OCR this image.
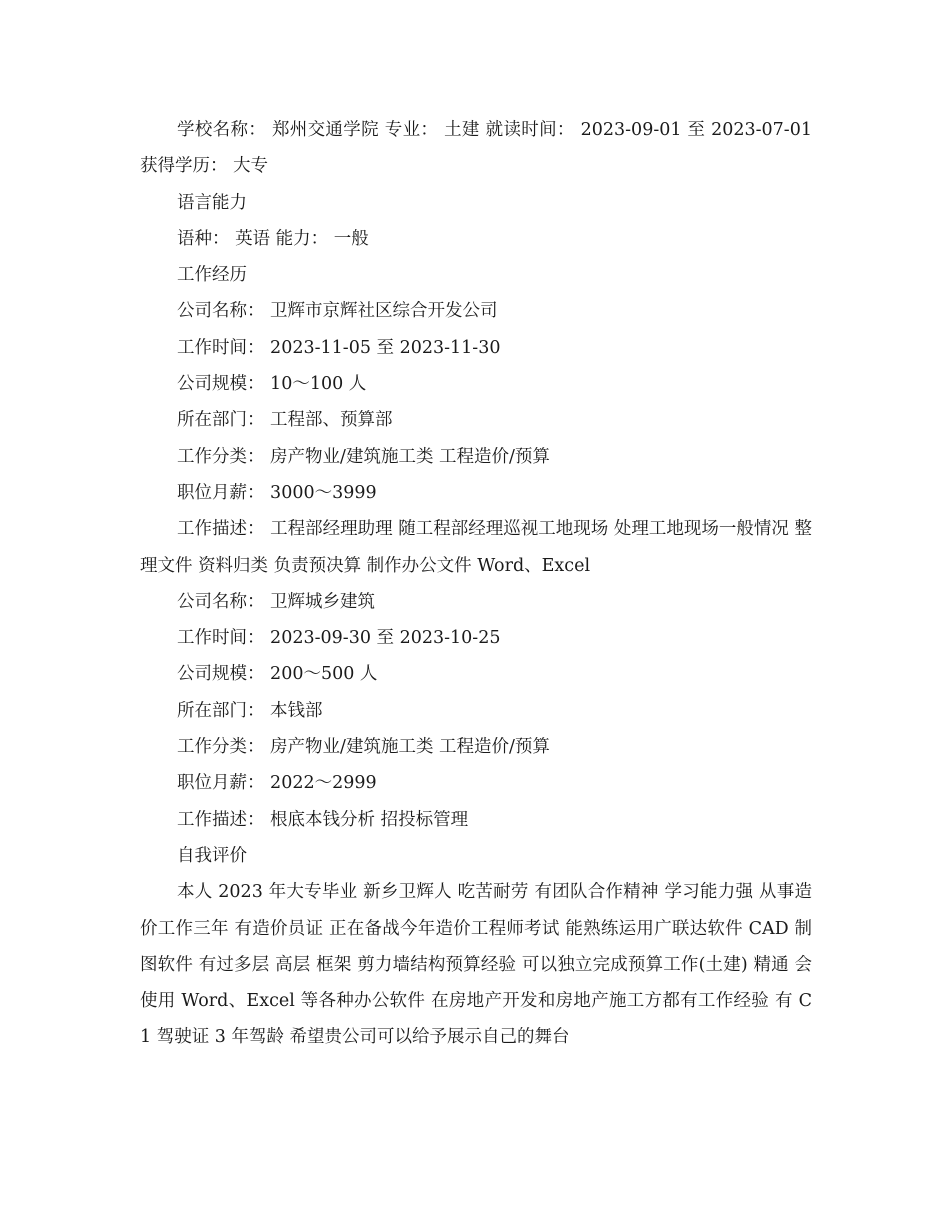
学校名称： 郑州交通学院 专业： 土建 就读时间： 2023-09-01 至 2023-07-01 获得学历： 大专
语言能力
语种： 英语 能力： 一般
工作经历
公司名称： 卫辉市京辉社区综合开发公司
工作时间： 2023-11-05 至 2023-11-30
公司规模： 10～100 人
所在部门： 工程部、预算部
工作分类： 房产物业/建筑施工类 工程造价/预算
职位月薪： 3000～3999
工作描述： 工程部经理助理 随工程部经理巡视工地现场 处理工地现场一般情况 整理文件 资料归类 负责预决算 制作办公文件 Word、Excel
公司名称： 卫辉城乡建筑
工作时间： 2023-09-30 至 2023-10-25
公司规模： 200～500 人
所在部门： 本钱部
工作分类： 房产物业/建筑施工类 工程造价/预算
职位月薪： 2022～2999
工作描述： 根底本钱分析 招投标管理
自我评价
本人 2023 年大专毕业 新乡卫辉人 吃苦耐劳 有团队合作精神 学习能力强 从事造价工作三年 有造价员证 正在备战今年造价工程师考试 能熟练运用广联达软件 CAD 制图软件 有过多层 高层 框架 剪力墙结构预算经验 可以独立完成预算工作(土建) 精通 会使用 Word、Excel 等各种办公软件 在房地产开发和房地产施工方都有工作经验 有 C1 驾驶证 3 年驾龄 希望贵公司可以给予展示自己的舞台
